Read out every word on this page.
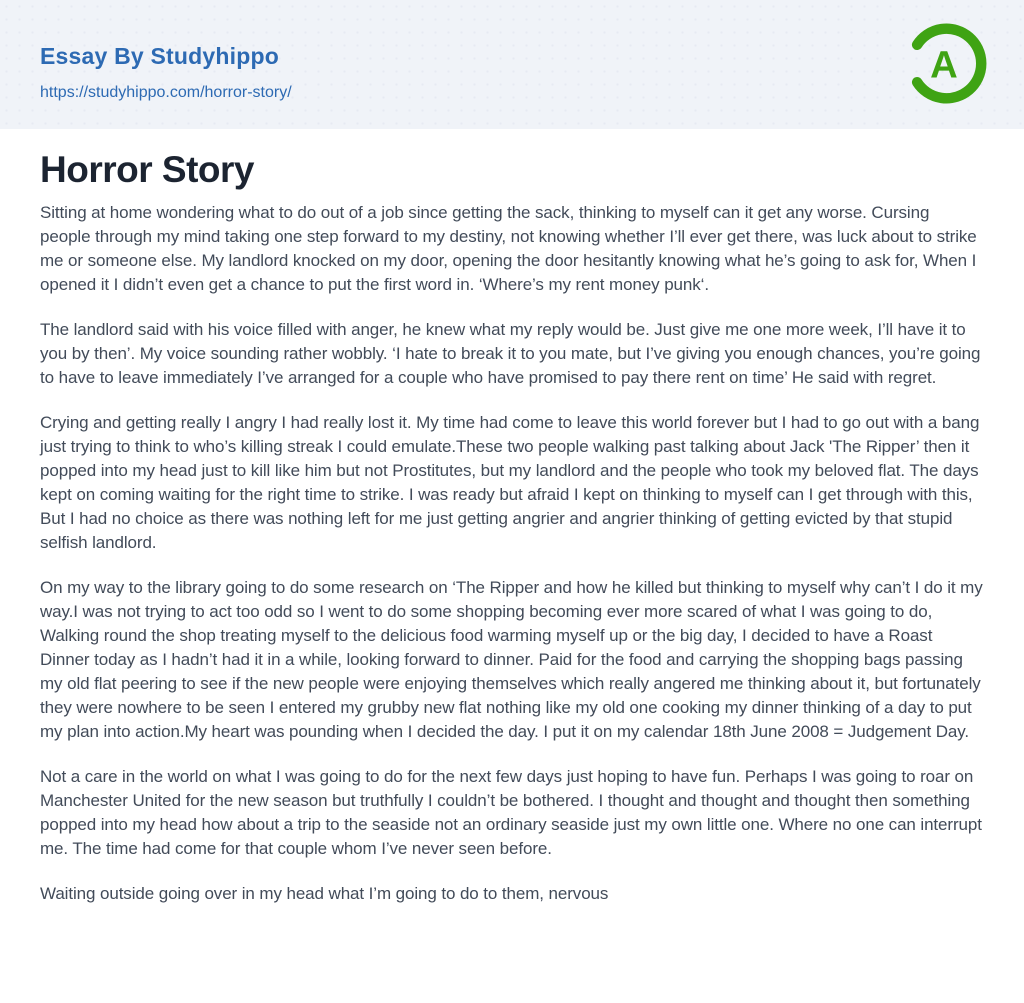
Essay By Studyhippo
https://studyhippo.com/horror-story/
A
Horror Story

Sitting at home wondering what to do out of a job since getting the sack, thinking to myself can it get any worse. Cursing people through my mind taking one step forward to my destiny, not knowing whether I’ll ever get there, was luck about to strike me or someone else. My landlord knocked on my door, opening the door hesitantly knowing what he’s going to ask for, When I opened it I didn’t even get a chance to put the first word in. ‘Where’s my rent money punk‘.

The landlord said with his voice filled with anger, he knew what my reply would be. Just give me one more week, I’ll have it to you by then’. My voice sounding rather wobbly. ‘I hate to break it to you mate, but I’ve giving you enough chances, you’re going to have to leave immediately I’ve arranged for a couple who have promised to pay there rent on time’ He said with regret.

Crying and getting really I angry I had really lost it. My time had come to leave this world forever but I had to go out with a bang just trying to think to who’s killing streak I could emulate.These two people walking past talking about Jack 'The Ripper’ then it popped into my head just to kill like him but not Prostitutes, but my landlord and the people who took my beloved flat. The days kept on coming waiting for the right time to strike. I was ready but afraid I kept on thinking to myself can I get through with this, But I had no choice as there was nothing left for me just getting angrier and angrier thinking of getting evicted by that stupid selfish landlord.

On my way to the library going to do some research on ‘The Ripper and how he killed but thinking to myself why can’t I do it my way.I was not trying to act too odd so I went to do some shopping becoming ever more scared of what I was going to do, Walking round the shop treating myself to the delicious food warming myself up or the big day, I decided to have a Roast Dinner today as I hadn’t had it in a while, looking forward to dinner. Paid for the food and carrying the shopping bags passing my old flat peering to see if the new people were enjoying themselves which really angered me thinking about it, but fortunately they were nowhere to be seen I entered my grubby new flat nothing like my old one cooking my dinner thinking of a day to put my plan into action.My heart was pounding when I decided the day. I put it on my calendar 18th June 2008 = Judgement Day.

Not a care in the world on what I was going to do for the next few days just hoping to have fun. Perhaps I was going to roar on Manchester United for the new season but truthfully I couldn’t be bothered. I thought and thought and thought then something popped into my head how about a trip to the seaside not an ordinary seaside just my own little one. Where no one can interrupt me. The time had come for that couple whom I’ve never seen before.

Waiting outside going over in my head what I’m going to do to them, nervous
